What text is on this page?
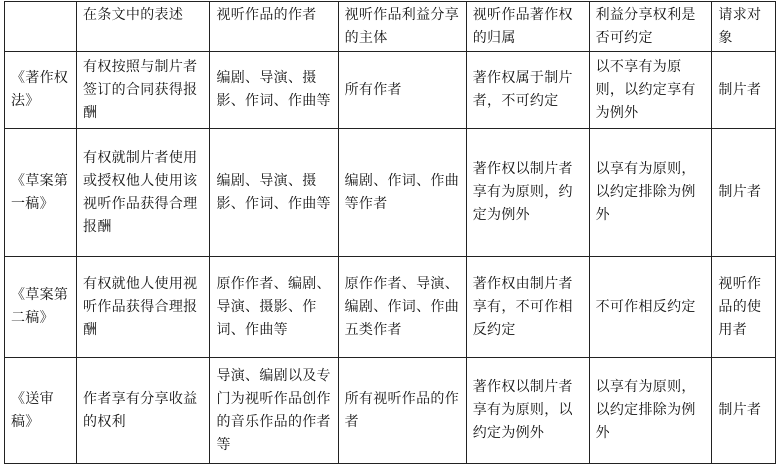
	在条文中的表述	视听作品的作者	视听作品利益分享的主体	视听作品著作权的归属	利益分享权利是否可约定	请求对象
《著作权法》	有权按照与制片者签订的合同获得报酬	编剧、导演、摄影、作词、作曲等	所有作者	著作权属于制片者，不可约定	以不享有为原则，以约定享有为例外	制片者
《草案第一稿》	有权就制片者使用或授权他人使用该视听作品获得合理报酬	编剧、导演、摄影、作词、作曲等	编剧、作词、作曲等作者	著作权以制片者享有为原则，约定为例外	以享有为原则，以约定排除为例外	制片者
《草案第二稿》	有权就他人使用视听作品获得合理报酬	原作作者、编剧、导演、摄影、作词、作曲等	原作作者、导演、编剧、作词、作曲五类作者	著作权由制片者享有，不可作相反约定	不可作相反约定	视听作品的使用者
《送审稿》	作者享有分享收益的权利	导演、编剧以及专门为视听作品创作的音乐作品的作者等	所有视听作品的作者	著作权以制片者享有为原则，以约定为例外	以享有为原则，以约定排除为例外	制片者
